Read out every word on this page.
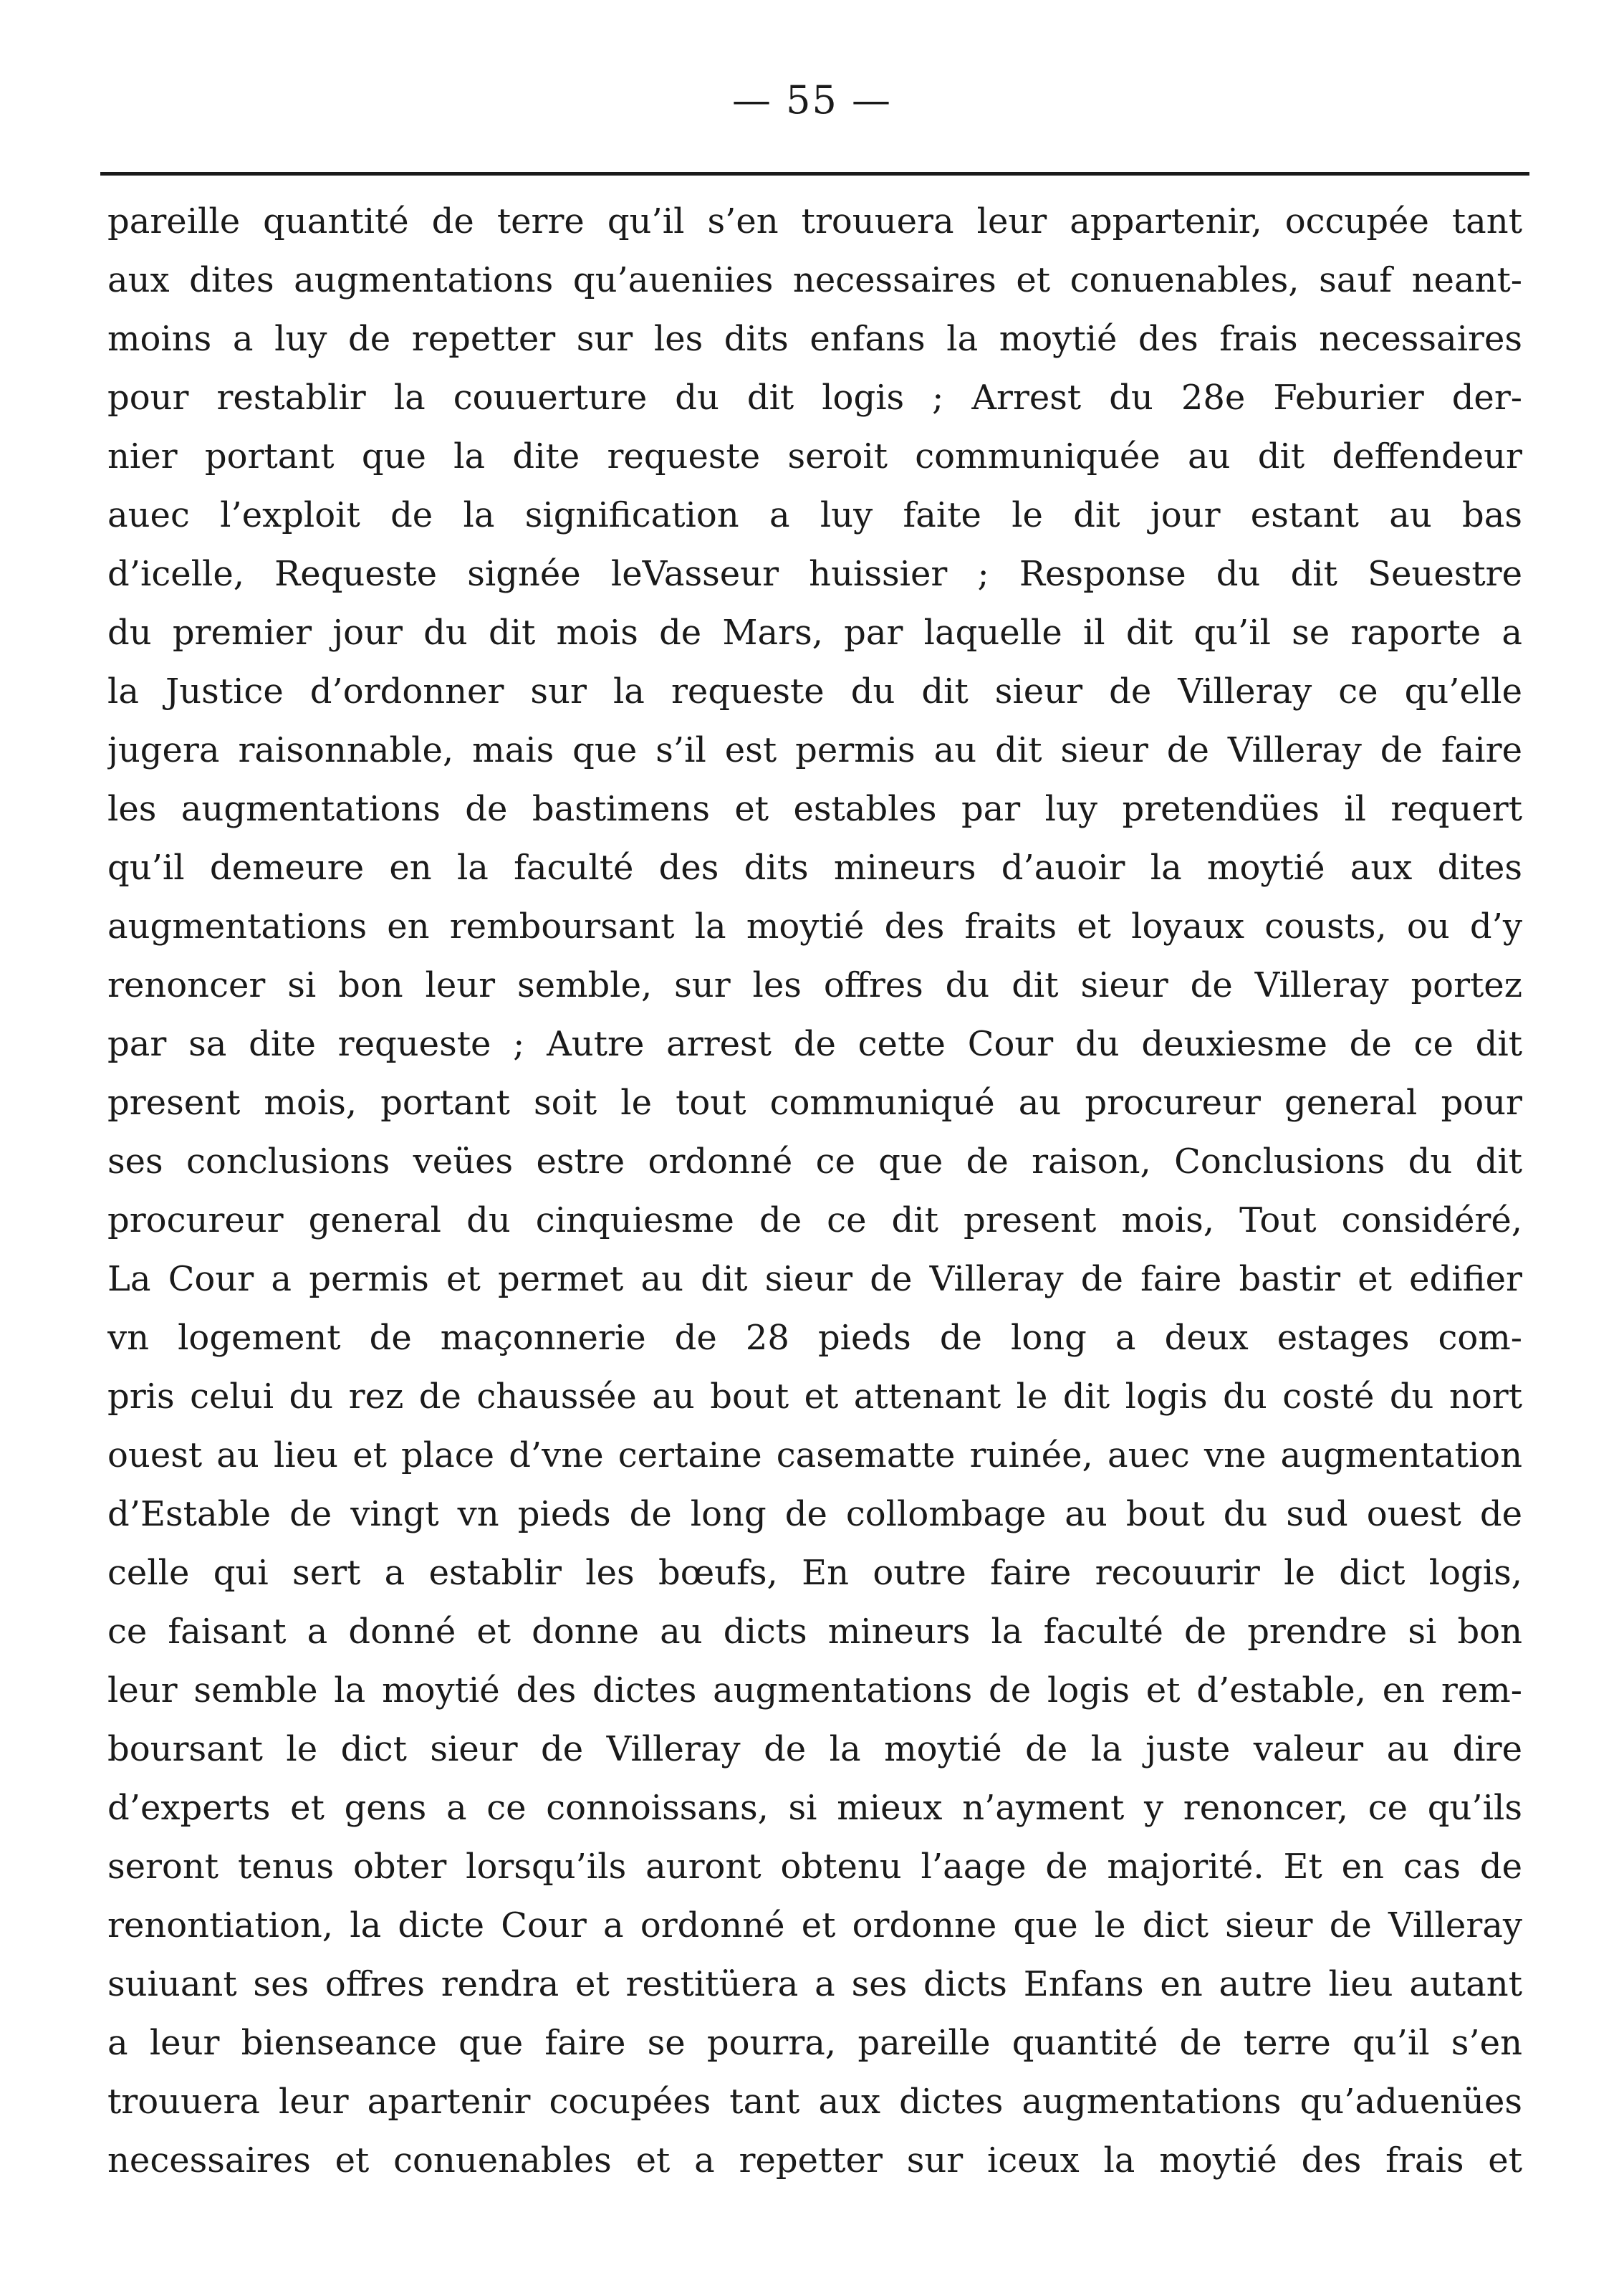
— 55 —
pareille quantité de terre qu’il s’en trouuera leur appartenir, occupée tant
aux dites augmentations qu’aueniies necessaires et conuenables, sauf neant-
moins a luy de repetter sur les dits enfans la moytié des frais necessaires
pour restablir la couuerture du dit logis ; Arrest du 28e Feburier der-
nier portant que la dite requeste seroit communiquée au dit deffendeur
auec l’exploit de la signification a luy faite le dit jour estant au bas
d’icelle, Requeste signée leVasseur huissier ; Response du dit Seuestre
du premier jour du dit mois de Mars, par laquelle il dit qu’il se raporte a
la Justice d’ordonner sur la requeste du dit sieur de Villeray ce qu’elle
jugera raisonnable, mais que s’il est permis au dit sieur de Villeray de faire
les augmentations de bastimens et estables par luy pretendües il requert
qu’il demeure en la faculté des dits mineurs d’auoir la moytié aux dites
augmentations en remboursant la moytié des fraits et loyaux cousts, ou d’y
renoncer si bon leur semble, sur les offres du dit sieur de Villeray portez
par sa dite requeste ; Autre arrest de cette Cour du deuxiesme de ce dit
present mois, portant soit le tout communiqué au procureur general pour
ses conclusions veües estre ordonné ce que de raison, Conclusions du dit
procureur general du cinquiesme de ce dit present mois, Tout considéré,
La Cour a permis et permet au dit sieur de Villeray de faire bastir et edifier
vn logement de maçonnerie de 28 pieds de long a deux estages com-
pris celui du rez de chaussée au bout et attenant le dit logis du costé du nort
ouest au lieu et place d’vne certaine casematte ruinée, auec vne augmentation
d’Estable de vingt vn pieds de long de collombage au bout du sud ouest de
celle qui sert a establir les bœufs, En outre faire recouurir le dict logis,
ce faisant a donné et donne au dicts mineurs la faculté de prendre si bon
leur semble la moytié des dictes augmentations de logis et d’estable, en rem-
boursant le dict sieur de Villeray de la moytié de la juste valeur au dire
d’experts et gens a ce connoissans, si mieux n’ayment y renoncer, ce qu’ils
seront tenus obter lorsqu’ils auront obtenu l’aage de majorité. Et en cas de
renontiation, la dicte Cour a ordonné et ordonne que le dict sieur de Villeray
suiuant ses offres rendra et restitüera a ses dicts Enfans en autre lieu autant
a leur bienseance que faire se pourra, pareille quantité de terre qu’il s’en
trouuera leur apartenir cocupées tant aux dictes augmentations qu’aduenües
necessaires et conuenables et a repetter sur iceux la moytié des frais et
